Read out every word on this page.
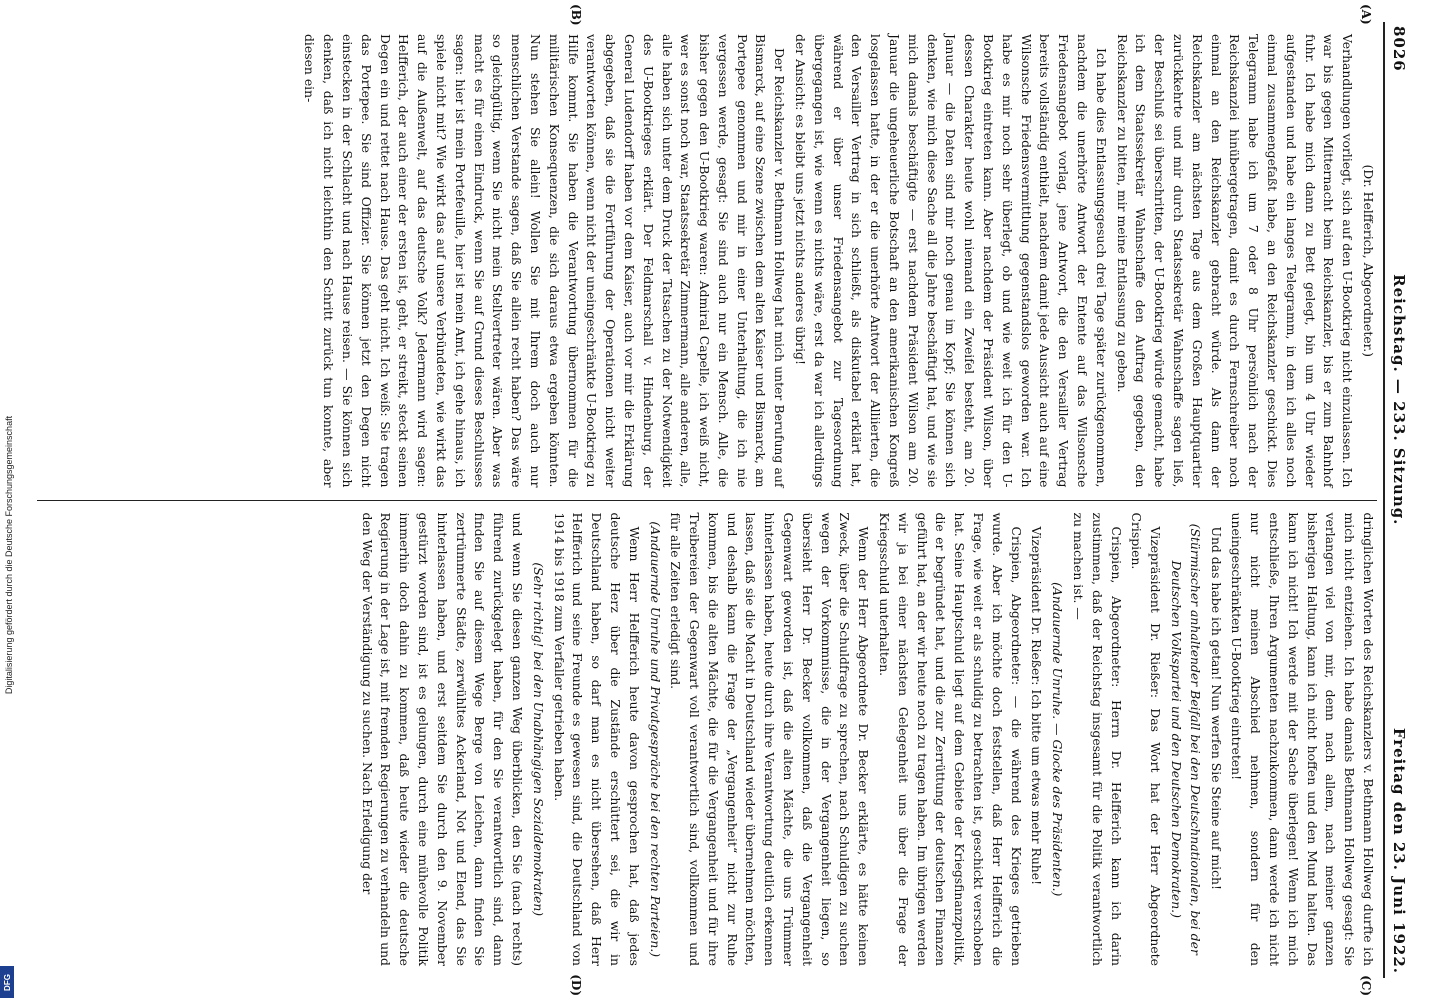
Digitalisierung gefördert durch die Deutsche Forschungsgemeinschaft
DFG
8026
Reichstag. — 233. Sitzung.
Freitag den 23. Juni 1922.
(A)
(B)
(C)
(D)

(Dr. Helfferich, Abgeordneter.)

Verhandlungen vorliegt, sich auf den U-Bootkrieg nicht einzulassen. Ich war bis gegen Mitternacht beim Reichskanzler, bis er zum Bahnhof fuhr. Ich habe mich dann zu Bett gelegt, bin um 4 Uhr wieder aufgestanden und habe ein langes Telegramm, in dem ich alles noch einmal zusammengefaßt habe, an den Reichskanzler geschickt. Dies Telegramm habe ich um 7 oder 8 Uhr persönlich nach der Reichskanzlei hinübergetragen, damit es durch Fernschreiber noch einmal an den Reichskanzler gebracht würde. Als dann der Reichskanzler am nächsten Tage aus dem Großen Hauptquartier zurückkehrte und mir durch Staatssekretär Wahnschaffe sagen ließ, der Beschluß sei überschritten, der U-Bootkrieg würde gemacht, habe ich dem Staatssekretär Wahnschaffe den Auftrag gegeben, den Reichskanzler zu bitten, mir meine Entlassung zu geben.

Ich habe dies Entlassungsgesuch drei Tage später zurückgenommen, nachdem die unerhörte Antwort der Entente auf das Wilsonsche Friedensangebot vorlag, jene Antwort, die den Versailler Vertrag bereits vollständig enthielt, nachdem damit jede Aussicht auch auf eine Wilsonsche Friedensvermittlung gegenstandslos geworden war. Ich habe es mir noch sehr überlegt, ob und wie weit ich für den U-Bootkrieg eintreten kann. Aber nachdem der Präsident Wilson, über dessen Charakter heute wohl niemand ein Zweifel besteht, am 20. Januar — die Daten sind mir noch genau im Kopf; Sie können sich denken, wie mich diese Sache all die Jahre beschäftigt hat, und wie sie mich damals beschäftigte — erst nachdem Präsident Wilson am 20. Januar die ungeheuerliche Botschaft an den amerikanischen Kongreß losgelassen hatte, in der er die unerhörte Antwort der Alliierten, die den Versailler Vertrag in sich schließt, als diskutabel erklärt hat, während er über unser Friedensangebot zur Tagesordnung übergegangen ist, wie wenn es nichts wäre, erst da war ich allerdings der Ansicht: es bleibt uns jetzt nichts anderes übrig!

Der Reichskanzler v. Bethmann Hollweg hat mich unter Berufung auf Bismarck, auf eine Szene zwischen dem alten Kaiser und Bismarck, am Portepee genommen und mir in einer Unterhaltung, die ich nie vergessen werde, gesagt: Sie sind auch nur ein Mensch. Alle, die bisher gegen den U-Bootkrieg waren: Admiral Capelle, ich weiß nicht, wer es sonst noch war, Staatssekretär Zimmermann, alle anderen, alle, alle haben sich unter dem Druck der Tatsachen zu der Notwendigkeit des U-Bootkrieges erklärt. Der Feldmarschall v. Hindenburg, der General Ludendorff haben vor dem Kaiser, auch vor mir die Erklärung abgegeben, daß sie die Fortführung der Operationen nicht weiter verantworten können, wenn nicht der uneingeschränkte U-Bootkrieg zu Hilfe kommt. Sie haben die Verantwortung übernommen für die militärischen Konsequenzen, die sich daraus etwa ergeben könnten. Nun stehen Sie allein! Wollen Sie mit Ihrem doch auch nur menschlichen Verstande sagen, daß Sie allein recht haben? Das wäre so gleichgültig, wenn Sie nicht mein Stellvertreter wären. Aber was macht es für einen Eindruck, wenn Sie auf Grund dieses Beschlusses sagen: hier ist mein Portefeuille, hier ist mein Amt, ich gehe hinaus, ich spiele nicht mit? Wie wirkt das auf unsere Verbündeten, wie wirkt das auf die Außenwelt, auf das deutsche Volk? Jedermann wird sagen: Helfferich, der auch einer der ersten ist, geht, er streikt, steckt seinen Degen ein und rettet nach Hause. Das geht nicht. Ich weiß: Sie tragen das Portepee. Sie sind Offizier. Sie können jetzt den Degen nicht einstecken in der Schlacht und nach Hause reisen. — Sie können sich denken, daß ich nicht leichthin den Schritt zurück tun konnte, aber diesen ein-

dringlichen Worten des Reichskanzlers v. Bethmann Hollweg durfte ich mich nicht entziehen. Ich habe damals Bethmann Hollweg gesagt: Sie verlangen viel von mir, denn nach allem, nach meiner ganzen bisherigen Haltung, kann ich nicht hoffen und den Mund halten. Das kann ich nicht! Ich werde mit der Sache überlegen! Wenn ich mich entschließe, Ihren Argumenten nachzukommen, dann werde ich nicht nur nicht meinen Abschied nehmen, sondern für den uneingeschränkten U-Bootkrieg eintreten!

Und das habe ich getan! Nun werfen Sie Steine auf mich!

(Stürmischer anhaltender Beifall bei den Deutschnationalen, bei der Deutschen Volkspartei und den Deutschen Demokraten.)

Vizepräsident Dr. Rießer: Das Wort hat der Herr Abgeordnete Crispien.

Crispien, Abgeordneter: Herrn Dr. Helfferich kann ich darin zustimmen, daß der Reichstag insgesamt für die Politik verantwortlich zu machen ist. —

(Andauernde Unruhe. — Glocke des Präsidenten.)

Vizepräsident Dr. Rießer: Ich bitte um etwas mehr Ruhe!

Crispien, Abgeordneter: — die während des Krieges getrieben wurde. Aber ich möchte doch feststellen, daß Herr Helfferich die Frage, wie weit er als schuldig zu betrachten ist, geschickt verschoben hat. Seine Hauptschuld liegt auf dem Gebiete der Kriegsfinanzpolitik, die er begründet hat, und die zur Zerrüttung der deutschen Finanzen geführt hat, an der wir heute noch zu tragen haben. Im übrigen werden wir ja bei einer nächsten Gelegenheit uns über die Frage der Kriegsschuld unterhalten.

Wenn der Herr Abgeordnete Dr. Becker erklärte, es hätte keinen Zweck, über die Schuldfrage zu sprechen, nach Schuldigen zu suchen wegen der Vorkommnisse, die in der Vergangenheit liegen, so übersieht Herr Dr. Becker vollkommen, daß die Vergangenheit Gegenwart geworden ist, daß die alten Mächte, die uns Trümmer hinterlassen haben, heute durch ihre Verantwortung deutlich erkennen lassen, daß sie die Macht in Deutschland wieder übernehmen möchten, und deshalb kann die Frage der „Vergangenheit“ nicht zur Ruhe kommen, bis die alten Mächte, die für die Vergangenheit und für ihre Treibereien der Gegenwart voll verantwortlich sind, vollkommen und für alle Zeiten erledigt sind.

(Andauernde Unruhe und Privatgespräche bei den rechten Parteien.)

Wenn Herr Helfferich heute davon gesprochen hat, daß jedes deutsche Herz über die Zustände erschüttert sei, die wir in Deutschland haben, so darf man es nicht übersehen, daß Herr Helfferich und seine Freunde es gewesen sind, die Deutschland von 1914 bis 1918 zum Verfaller getrieben haben.

(Sehr richtig! bei den Unabhängigen Sozialdemokraten)

und wenn Sie diesen ganzen Weg überblicken, den Sie (nach rechts) führend zurückgelegt haben, für den Sie verantwortlich sind, dann finden Sie auf diesem Wege Berge von Leichen, dann finden Sie zertrümmerte Städte, zerwühltes Ackerland, Not und Elend, das Sie hinterlassen haben, und erst seitdem Sie durch den 9. November gestürzt worden sind, ist es gelungen, durch eine mühevolle Politik immerhin doch dahin zu kommen, daß heute wieder die deutsche Regierung in der Lage ist, mit fremden Regierungen zu verhandeln und den Weg der Verständigung zu suchen. Nach Erledigung der
